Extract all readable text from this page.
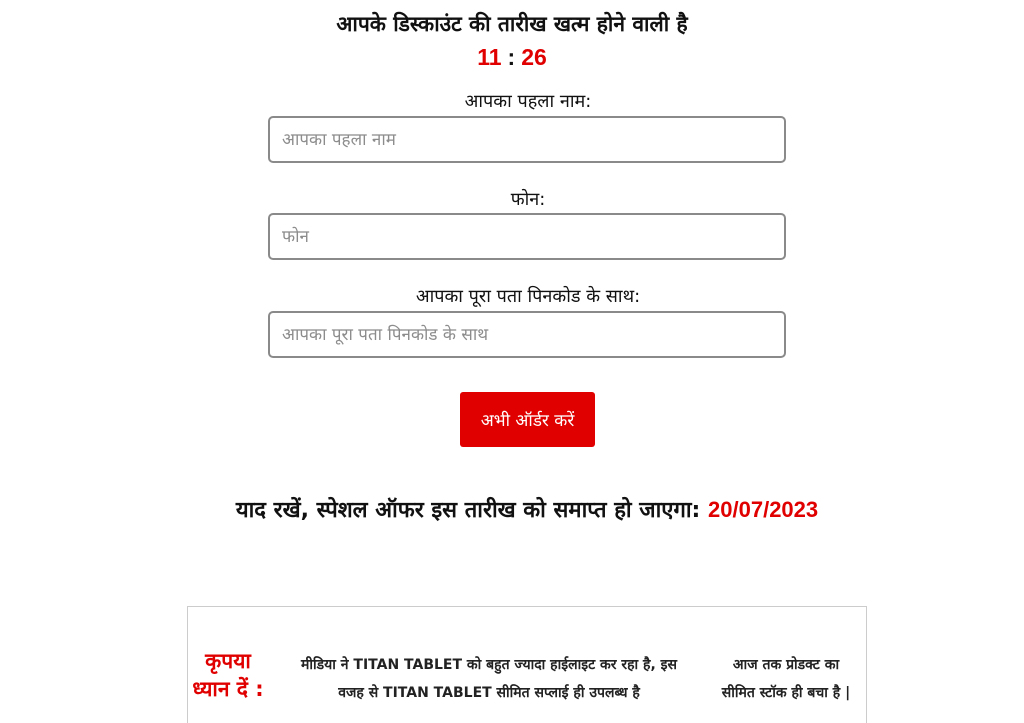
आपके डिस्काउंट की तारीख खत्म होने वाली है
11 : 26
आपका पहला नाम:
आपका पहला नाम
फोन:
फोन
आपका पूरा पता पिनकोड के साथ:
आपका पूरा पता पिनकोड के साथ
अभी ऑर्डर करें
याद रखें, स्पेशल ऑफर इस तारीख को समाप्त हो जाएगा: 20/07/2023
कृपया
ध्यान दें :
मीडिया ने TITAN TABLET को बहुत ज्यादा हाईलाइट कर रहा है, इस
वजह से TITAN TABLET सीमित सप्लाई ही उपलब्ध है
आज तक प्रोडक्ट का
सीमित स्टॉक ही बचा है |
